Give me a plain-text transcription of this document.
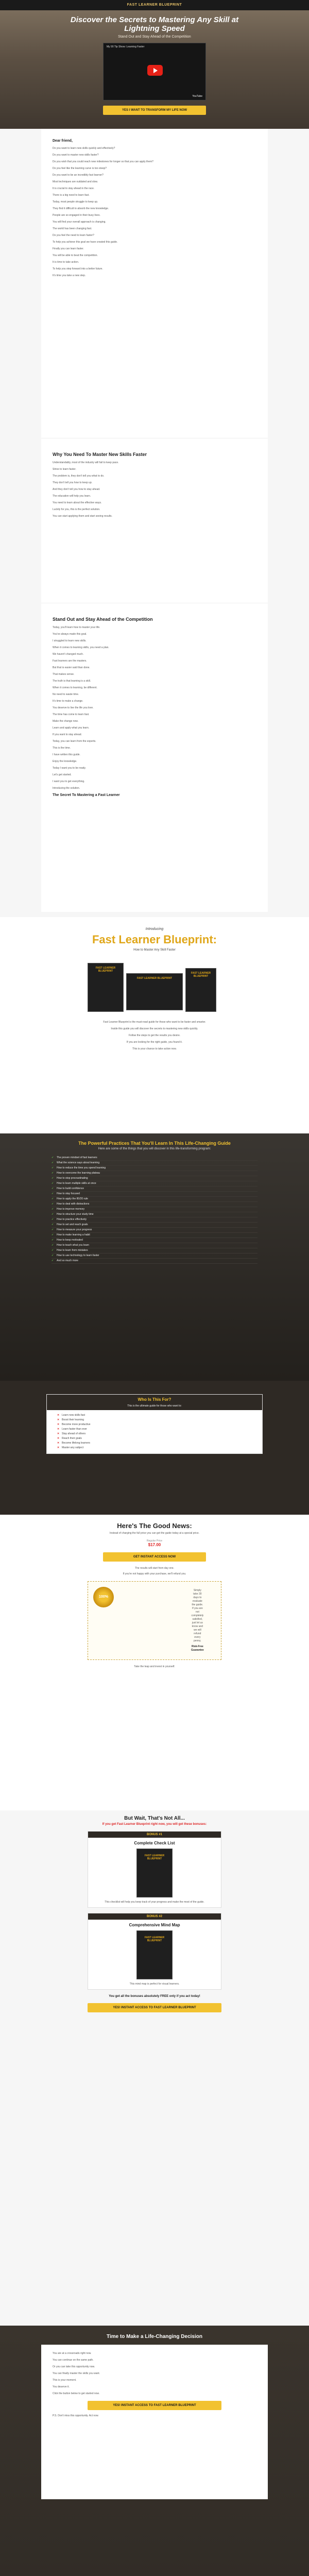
FAST LEARNER BLUEPRINT
Discover the Secrets to Mastering Any Skill at Lightning Speed
Stand Out and Stay Ahead of the Competition
My 90 Tip Show: Learning Faster
YouTube
YES I WANT TO TRANSFORM MY LIFE NOW
Dear friend,

Do you want to learn new skills quickly and effectively?

Do you want to master new skills faster?

Do you wish that you could reach new milestones for longer so that you can apply them?

Do you feel like the learning curve is too steep?

Do you want to be an incredibly fast learner?

Most techniques are outdated and slow.

It is crucial to stay ahead in the race.

There is a big need to learn fast.

Today, most people struggle to keep up.

They find it difficult to absorb the new knowledge.

People are so engaged in their busy lives.

You will find your overall approach is changing.

The world has been changing fast.

Do you feel the need to learn faster?

To help you achieve this goal we have created this guide.

Finally you can learn faster.

You will be able to beat the competition.

It is time to take action.

To help you step forward into a better future.

It's time you take a new step.

Why You Need To Master New Skills Faster

Understandably, most of the industry will fail to keep pace.

Strive to learn faster.

The problem is, they don't tell you what to do.

They don't tell you how to keep up.

And they don't tell you how to stay ahead.

The education will help you learn.

You need to learn about the effective ways.

Luckily for you, this is the perfect solution.

You can start applying them and start seeing results.

Stand Out and Stay Ahead of the Competition

Today, you'll learn how to master your life.

You've always made this goal.

I struggled to learn new skills.

When it comes to learning skills, you need a plan.

We haven't changed much.

Fast learners are the masters.

But that is easier said than done.

That makes sense.

The truth is that learning is a skill.

When it comes to learning, be different.

No need to waste time.

It's time to make a change.

You deserve to live the life you love.

The time has come to learn fast.

Make the change now.

Learn and apply what you learn.

If you want to stay ahead.

Today, you can learn from the experts.

This is the time.

I have written this guide.

Enjoy the knowledge.

Today I want you to be ready.

Let's get started.

I want you to get everything.

Introducing the solution.

The Secret To Mastering a Fast Learner
Introducing
Fast Learner Blueprint:
How to Master Any Skill Faster
FAST LEARNER BLUEPRINT
FAST LEARNER BLUEPRINT
FAST LEARNER BLUEPRINT

Fast Learner Blueprint is the must-read guide for those who want to be faster and smarter.

Inside this guide you will discover the secrets to mastering new skills quickly.

Follow the steps to get the results you desire.

If you are looking for the right guide, you found it.

This is your chance to take action now.

The Powerful Practices That You'll Learn In This Life-Changing Guide
Here are some of the things that you will discover in this life-transforming program:
✓ The proven mindset of fast learners
✓ What the science says about learning
✓ How to reduce the time you spend learning
✓ How to overcome the learning plateau
✓ How to stop procrastinating
✓ How to learn multiple skills at once
✓ How to build confidence
✓ How to stay focused
✓ How to apply the 80/20 rule
✓ How to deal with distractions
✓ How to improve memory
✓ How to structure your study time
✓ How to practice effectively
✓ How to set and reach goals
✓ How to measure your progress
✓ How to make learning a habit
✓ How to keep motivated
✓ How to teach what you learn
✓ How to learn from mistakes
✓ How to use technology to learn faster
✓ And so much more
Who Is This For?
This is the ultimate guide for those who want to:
✕ Learn new skills fast
✕ Boost their learning
✕ Become more productive
✕ Learn faster than ever
✕ Stay ahead of others
✕ Reach their goals
✕ Become lifelong learners
✕ Master any subject
Here's The Good News:

Instead of charging the full price you can get the guide today at a special price.

Regular Price
$17.00
GET INSTANT ACCESS NOW

The results will start from day one.

If you're not happy with your purchase, we'll refund you.

100%

Simply take 30 days to evaluate the guide. If you are not completely satisfied, just let us know and we will refund every penny.

Risk-Free Guarantee

Take the leap and invest in yourself.

But Wait, That's Not All...
If you get Fast Learner Blueprint right now, you will get these bonuses:
BONUS #1
Complete Check List
FAST LEARNER BLUEPRINT

This checklist will help you keep track of your progress and make the most of the guide.

BONUS #2
Comprehensive Mind Map
FAST LEARNER BLUEPRINT

This mind map is perfect for visual learners.

You get all the bonuses absolutely FREE only if you act today!
YES! INSTANT ACCESS TO FAST LEARNER BLUEPRINT
Time to Make a Life-Changing Decision

You are at a crossroads right now.

You can continue on the same path.

Or you can take this opportunity now.

You can finally master the skills you want.

This is your moment.

You deserve it.

Click the button below to get started now.

YES! INSTANT ACCESS TO FAST LEARNER BLUEPRINT

P.S. Don't miss this opportunity. Act now.
